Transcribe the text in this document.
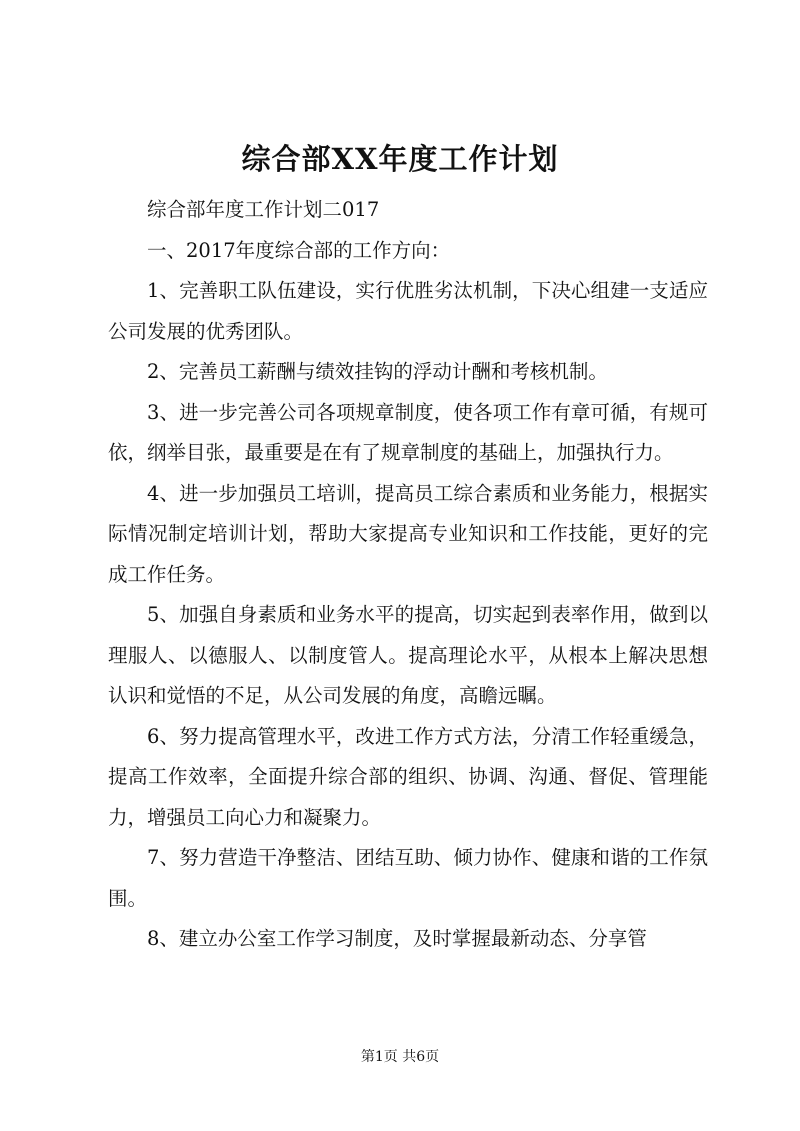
综合部XX年度工作计划

综合部年度工作计划二017

一、2017年度综合部的工作方向：

1、完善职工队伍建设，实行优胜劣汰机制，下决心组建一支适应公司发展的优秀团队。

2、完善员工薪酬与绩效挂钩的浮动计酬和考核机制。

3、进一步完善公司各项规章制度，使各项工作有章可循，有规可依，纲举目张，最重要是在有了规章制度的基础上，加强执行力。

4、进一步加强员工培训，提高员工综合素质和业务能力，根据实际情况制定培训计划，帮助大家提高专业知识和工作技能，更好的完成工作任务。

5、加强自身素质和业务水平的提高，切实起到表率作用，做到以理服人、以德服人、以制度管人。提高理论水平，从根本上解决思想认识和觉悟的不足，从公司发展的角度，高瞻远瞩。

6、努力提高管理水平，改进工作方式方法，分清工作轻重缓急，提高工作效率，全面提升综合部的组织、协调、沟通、督促、管理能力，增强员工向心力和凝聚力。

7、努力营造干净整洁、团结互助、倾力协作、健康和谐的工作氛围。

8、建立办公室工作学习制度，及时掌握最新动态、分享管

第1页 共6页
